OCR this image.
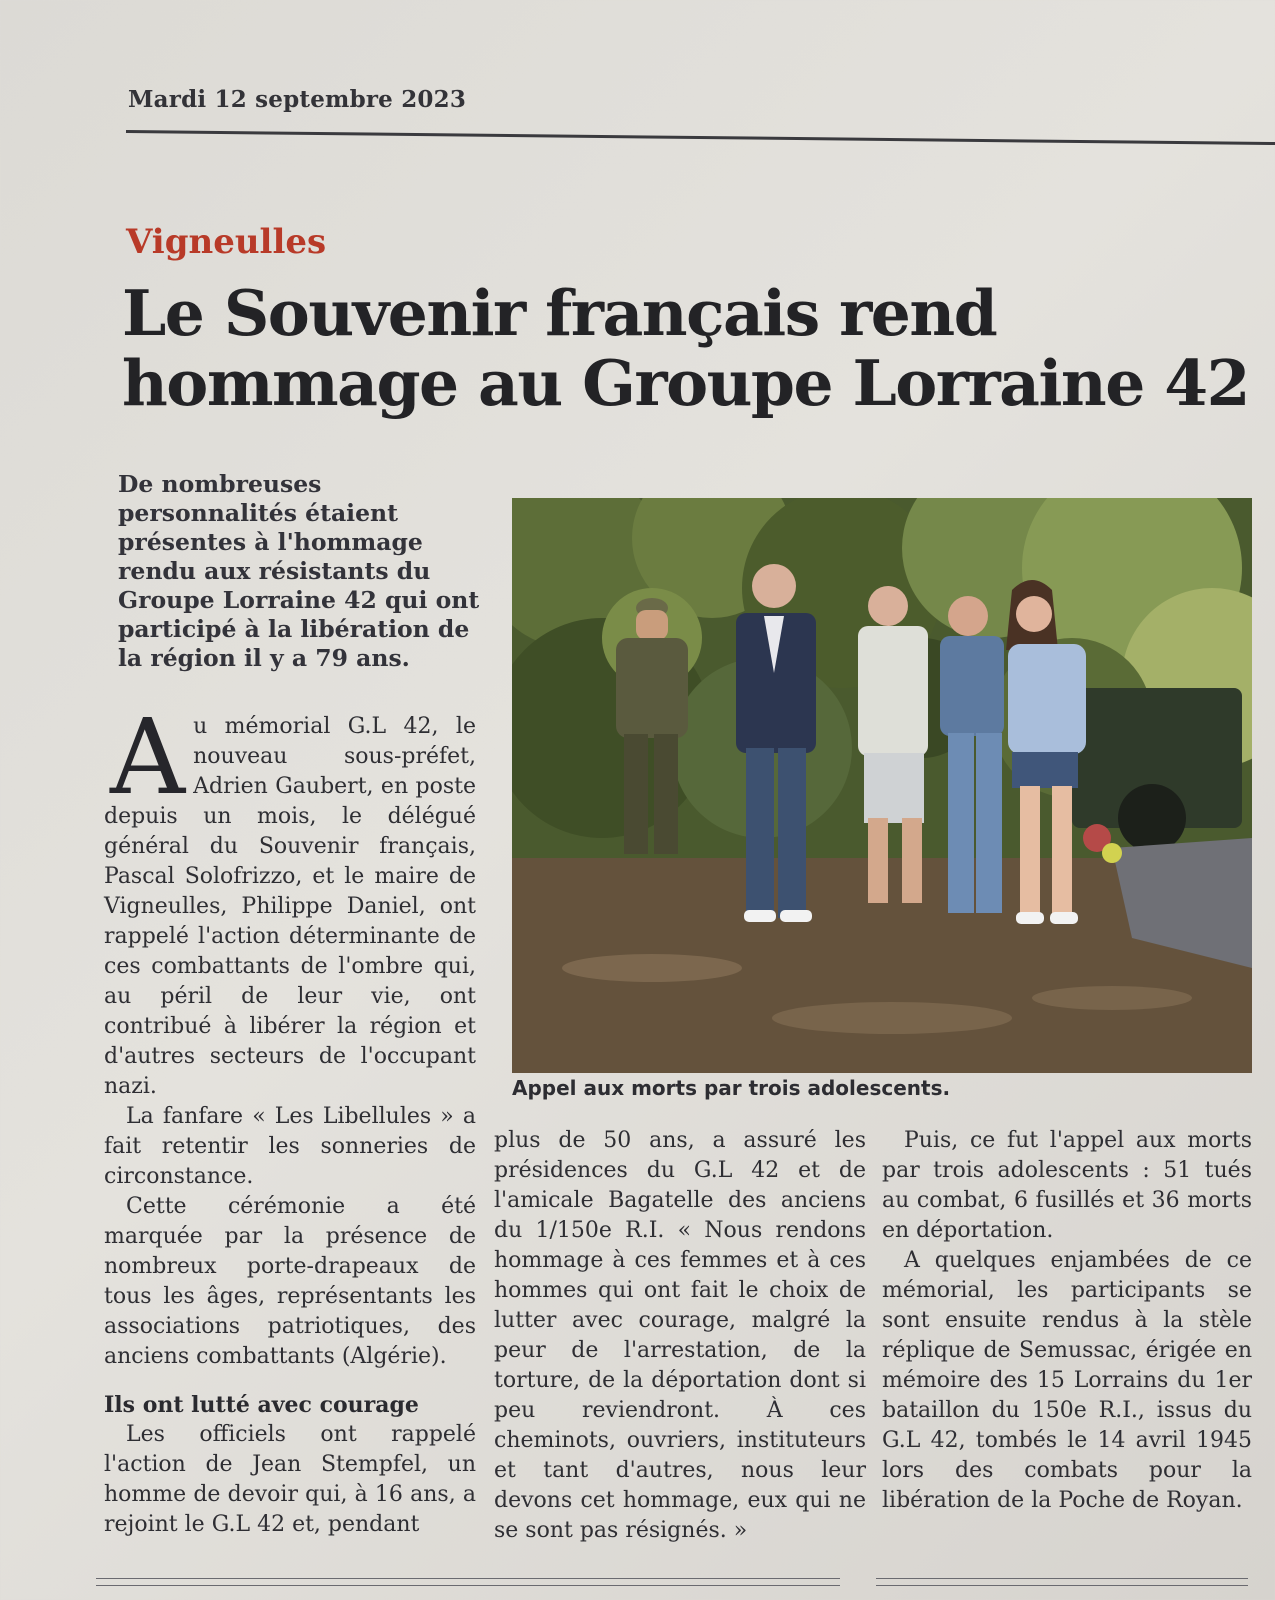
Mardi 12 septembre 2023
Vigneulles
Le Souvenir français rend hommage au Groupe Lorraine 42

De nombreuses personnalités étaient présentes à l'hommage rendu aux résistants du Groupe Lorraine 42 qui ont participé à la libération de la région il y a 79 ans.

Appel aux morts par trois adolescents.

Au mémorial G.L 42, le nouveau sous-préfet, Adrien Gaubert, en poste depuis un mois, le délégué général du Souvenir français, Pascal Solofrizzo, et le maire de Vigneulles, Philippe Daniel, ont rappelé l'action déterminante de ces combattants de l'ombre qui, au péril de leur vie, ont contribué à libérer la région et d'autres secteurs de l'occupant nazi.

La fanfare « Les Libellules » a fait retentir les sonneries de circonstance.

Cette cérémonie a été marquée par la présence de nombreux porte-drapeaux de tous les âges, représentants les associations patriotiques, des anciens combattants (Algérie).

Ils ont lutté avec courage

Les officiels ont rappelé l'action de Jean Stempfel, un homme de devoir qui, à 16 ans, a rejoint le G.L 42 et, pendant

plus de 50 ans, a assuré les présidences du G.L 42 et de l'amicale Bagatelle des anciens du 1/150e R.I. « Nous rendons hommage à ces femmes et à ces hommes qui ont fait le choix de lutter avec courage, malgré la peur de l'arrestation, de la torture, de la déportation dont si peu reviendront. À ces cheminots, ouvriers, instituteurs et tant d'autres, nous leur devons cet hommage, eux qui ne se sont pas résignés. »

Puis, ce fut l'appel aux morts par trois adolescents : 51 tués au combat, 6 fusillés et 36 morts en déportation.

A quelques enjambées de ce mémorial, les participants se sont ensuite rendus à la stèle réplique de Semussac, érigée en mémoire des 15 Lorrains du 1er bataillon du 150e R.I., issus du G.L 42, tombés le 14 avril 1945 lors des combats pour la libération de la Poche de Royan.
